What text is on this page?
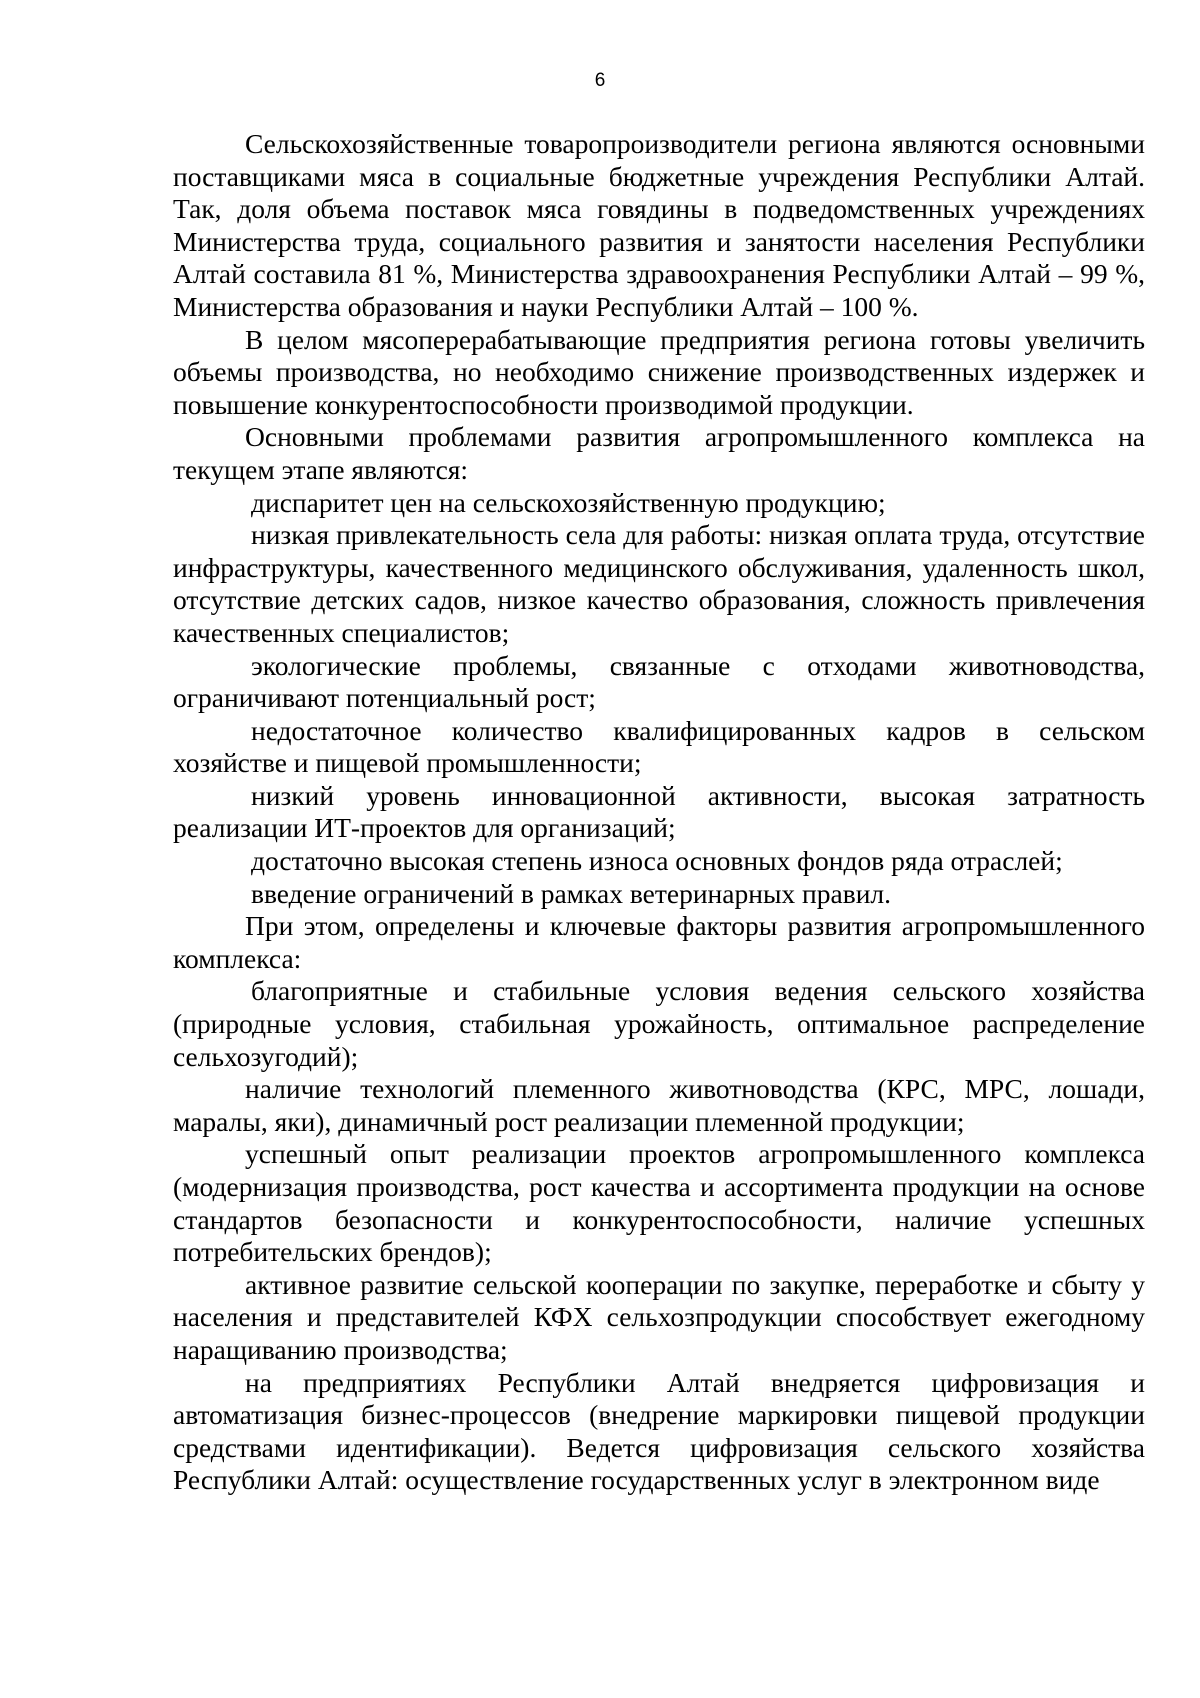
6

Сельскохозяйственные товаропроизводители региона являются основными поставщиками мяса в социальные бюджетные учреждения Республики Алтай. Так, доля объема поставок мяса говядины в подведомственных учреждениях Министерства труда, социального развития и занятости населения Республики Алтай составила 81 %, Министерства здравоохранения Республики Алтай – 99 %, Министерства образования и науки Республики Алтай – 100 %.

В целом мясоперерабатывающие предприятия региона готовы увеличить объемы производства, но необходимо снижение производственных издержек и повышение конкурентоспособности производимой продукции.

Основными проблемами развития агропромышленного комплекса на текущем этапе являются:

диспаритет цен на сельскохозяйственную продукцию;

низкая привлекательность села для работы: низкая оплата труда, отсутствие инфраструктуры, качественного медицинского обслуживания, удаленность школ, отсутствие детских садов, низкое качество образования, сложность привлечения качественных специалистов;

экологические проблемы, связанные с отходами животноводства, ограничивают потенциальный рост;

недостаточное количество квалифицированных кадров в сельском хозяйстве и пищевой промышленности;

низкий уровень инновационной активности, высокая затратность реализации ИТ-проектов для организаций;

достаточно высокая степень износа основных фондов ряда отраслей;

введение ограничений в рамках ветеринарных правил.

При этом, определены и ключевые факторы развития агропромышленного комплекса:

благоприятные и стабильные условия ведения сельского хозяйства (природные условия, стабильная урожайность, оптимальное распределение сельхозугодий);

наличие технологий племенного животноводства (КРС, МРС, лошади, маралы, яки), динамичный рост реализации племенной продукции;

успешный опыт реализации проектов агропромышленного комплекса (модернизация производства, рост качества и ассортимента продукции на основе стандартов безопасности и конкурентоспособности, наличие успешных потребительских брендов);

активное развитие сельской кооперации по закупке, переработке и сбыту у населения и представителей КФХ сельхозпродукции способствует ежегодному наращиванию производства;

на предприятиях Республики Алтай внедряется цифровизация и автоматизация бизнес-процессов (внедрение маркировки пищевой продукции средствами идентификации). Ведется цифровизация сельского хозяйства Республики Алтай: осуществление государственных услуг в электронном виде
